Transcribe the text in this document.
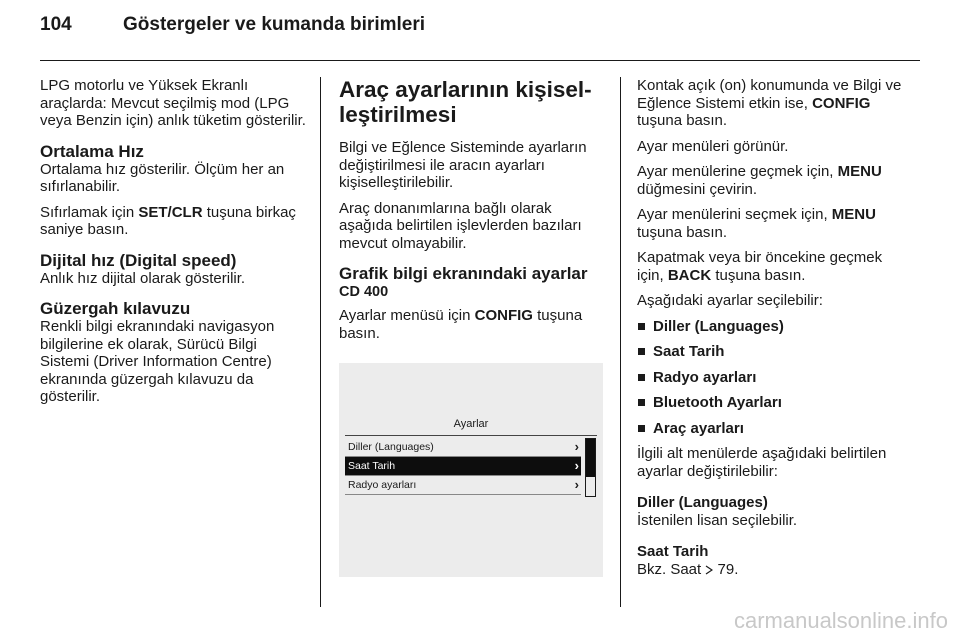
104	Göstergeler ve kumanda birimleri

LPG motorlu ve Yüksek Ekranlı araçlarda: Mevcut seçilmiş mod (LPG veya Benzin için) anlık tüketim gösterilir.

Ortalama Hız

Ortalama hız gösterilir. Ölçüm her an sıfırlanabilir.

Sıfırlamak için SET/CLR tuşuna birkaç saniye basın.

Dijital hız (Digital speed)

Anlık hız dijital olarak gösterilir.

Güzergah kılavuzu

Renkli bilgi ekranındaki navigasyon bilgilerine ek olarak, Sürücü Bilgi Sistemi (Driver Information Centre) ekranında güzergah kılavuzu da gösterilir.

Araç ayarlarının kişisel-leştirilmesi

Bilgi ve Eğlence Sisteminde ayarların değiştirilmesi ile aracın ayarları kişiselleştirilebilir.

Araç donanımlarına bağlı olarak aşağıda belirtilen işlevlerden bazıları mevcut olmayabilir.

Grafik bilgi ekranındaki ayarlar
CD 400

Ayarlar menüsü için CONFIG tuşuna basın.

Ayarlar
Diller (Languages)	›
Saat Tarih	›
Radyo ayarları	›

Kontak açık (on) konumunda ve Bilgi ve Eğlence Sistemi etkin ise, CONFIG tuşuna basın.

Ayar menüleri görünür.

Ayar menülerine geçmek için, MENU düğmesini çevirin.

Ayar menülerini seçmek için, MENU tuşuna basın.

Kapatmak veya bir öncekine geçmek için, BACK tuşuna basın.

Aşağıdaki ayarlar seçilebilir:

Diller (Languages)
Saat Tarih
Radyo ayarları
Bluetooth Ayarları
Araç ayarları

İlgili alt menülerde aşağıdaki belirtilen ayarlar değiştirilebilir:

Diller (Languages)

İstenilen lisan seçilebilir.

Saat Tarih

Bkz. Saat  79.

carmanualsonline.info
